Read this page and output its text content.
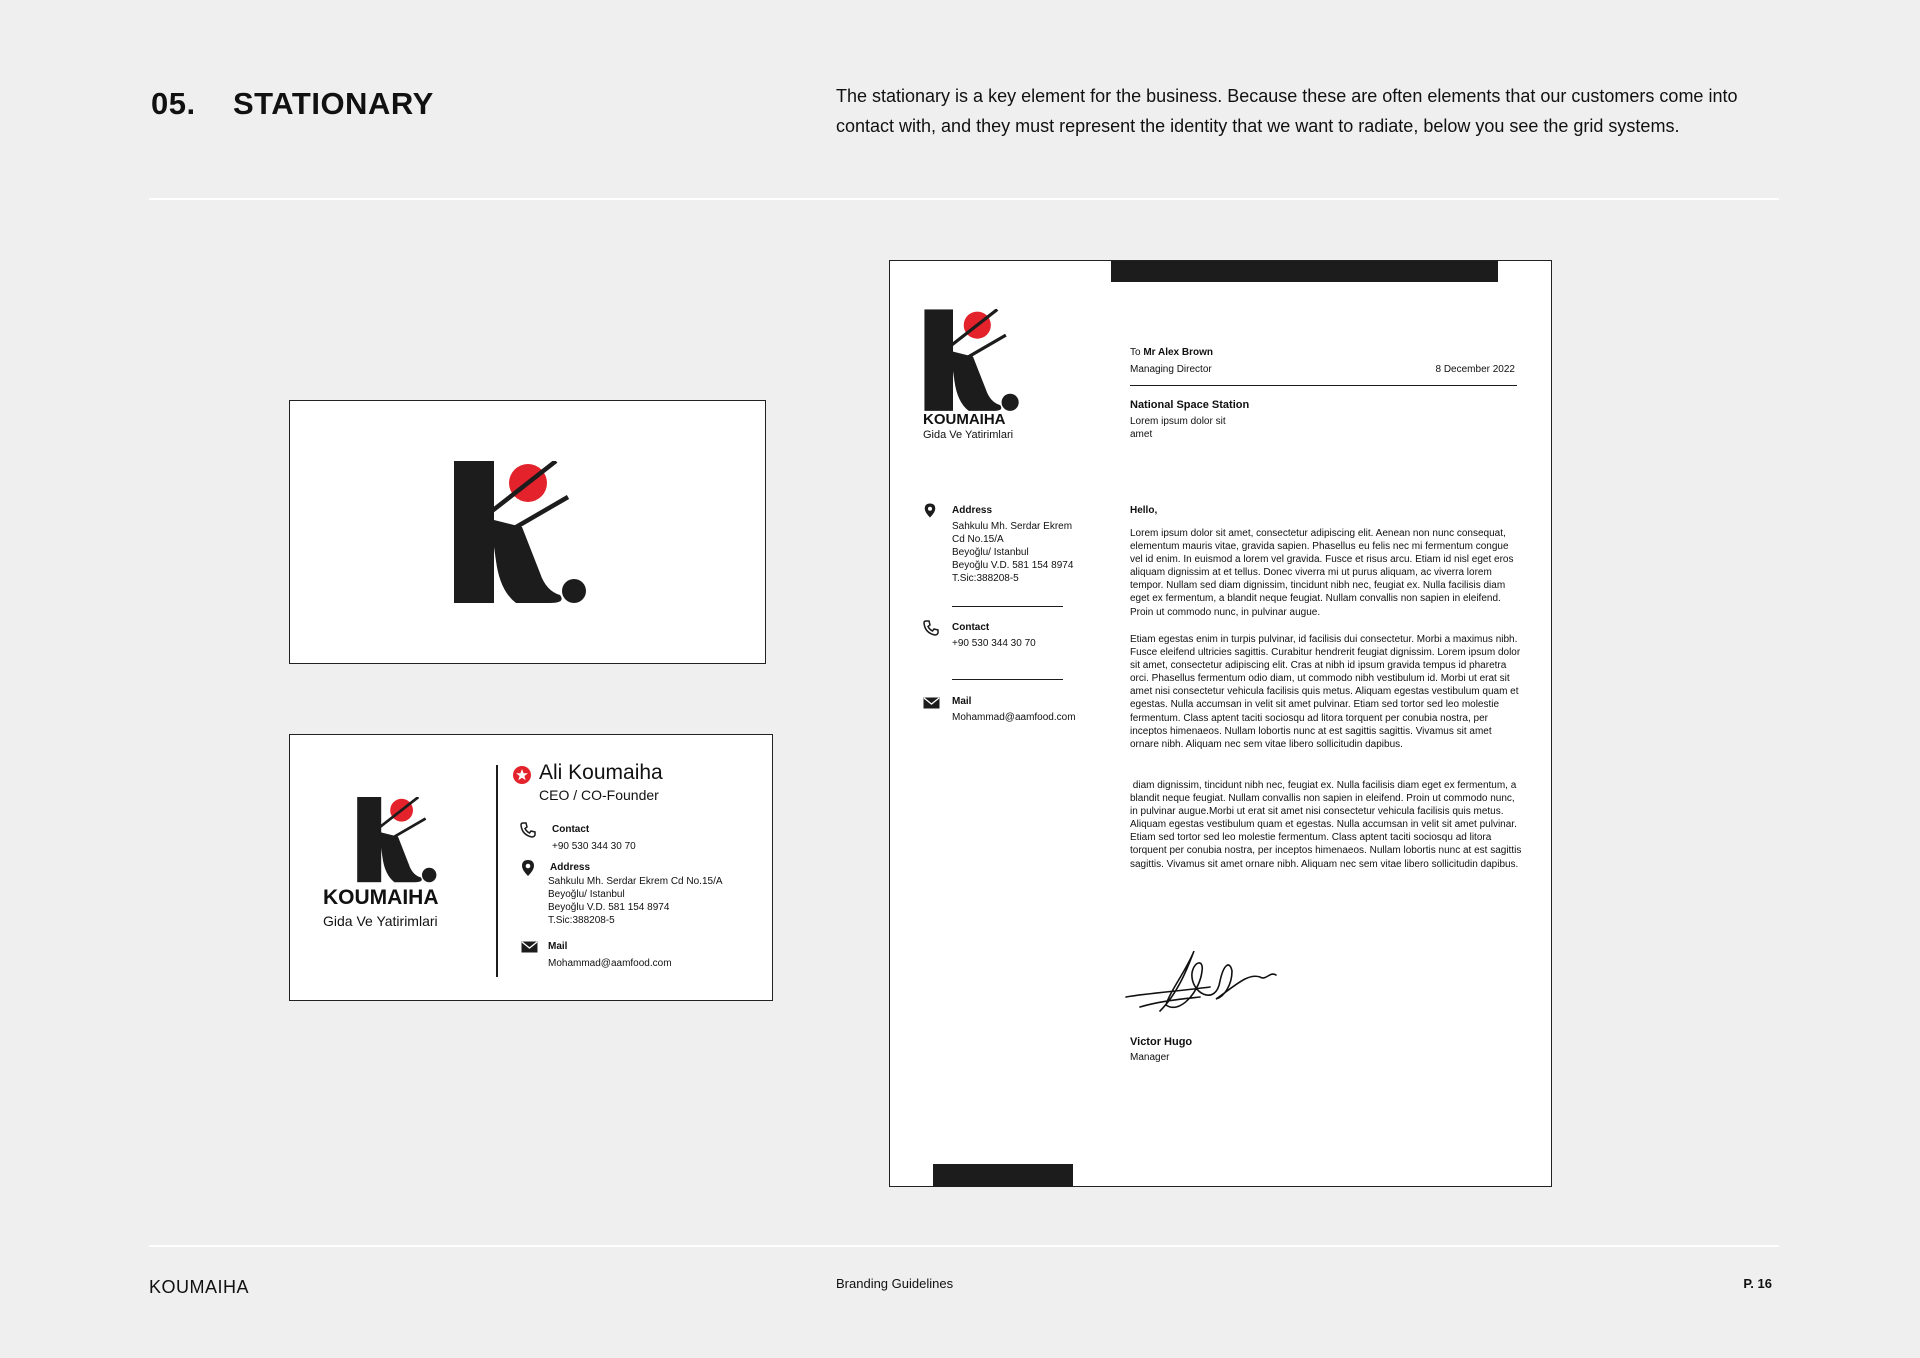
05. STATIONARY	The stationary is a key element for the business. Because these are often elements that our customers come into contact with, and they must represent the identity that we want to radiate, below you see the grid systems.
KOUMAIHA
Gida Ve Yatirimlari
Ali Koumaiha
CEO / CO-Founder
Contact
+90 530 344 30 70
Address
Sahkulu Mh. Serdar Ekrem Cd No.15/A
Beyoğlu/ Istanbul
Beyoğlu V.D. 581 154 8974
T.Sic:388208-5
Mail
Mohammad@aamfood.com
KOUMAIHA
Gida Ve Yatirimlari
To Mr Alex Brown
Managing Director	8 December 2022
National Space Station
Lorem ipsum dolor sit
amet
Address
Sahkulu Mh. Serdar Ekrem
Cd No.15/A
Beyoğlu/ Istanbul
Beyoğlu V.D. 581 154 8974
T.Sic:388208-5
Contact
+90 530 344 30 70
Mail
Mohammad@aamfood.com
Hello,
Lorem ipsum dolor sit amet, consectetur adipiscing elit. Aenean non nunc consequat, elementum mauris vitae, gravida sapien. Phasellus eu felis nec mi fermentum congue vel id enim. In euismod a lorem vel gravida. Fusce et risus arcu. Etiam id nisl eget eros aliquam dignissim at et tellus. Donec viverra mi ut purus aliquam, ac viverra lorem tempor. Nullam sed diam dignissim, tincidunt nibh nec, feugiat ex. Nulla facilisis diam eget ex fermentum, a blandit neque feugiat. Nullam convallis non sapien in eleifend. Proin ut commodo nunc, in pulvinar augue.
Etiam egestas enim in turpis pulvinar, id facilisis dui consectetur. Morbi a maximus nibh. Fusce eleifend ultricies sagittis. Curabitur hendrerit feugiat dignissim. Lorem ipsum dolor sit amet, consectetur adipiscing elit. Cras at nibh id ipsum gravida tempus id pharetra orci. Phasellus fermentum odio diam, ut commodo nibh vestibulum id. Morbi ut erat sit amet nisi consectetur vehicula facilisis quis metus. Aliquam egestas vestibulum quam et egestas. Nulla accumsan in velit sit amet pulvinar. Etiam sed tortor sed leo molestie fermentum. Class aptent taciti sociosqu ad litora torquent per conubia nostra, per inceptos himenaeos. Nullam lobortis nunc at est sagittis sagittis. Vivamus sit amet ornare nibh. Aliquam nec sem vitae libero sollicitudin dapibus.
diam dignissim, tincidunt nibh nec, feugiat ex. Nulla facilisis diam eget ex fermentum, a blandit neque feugiat. Nullam convallis non sapien in eleifend. Proin ut commodo nunc, in pulvinar augue.Morbi ut erat sit amet nisi consectetur vehicula facilisis quis metus. Aliquam egestas vestibulum quam et egestas. Nulla accumsan in velit sit amet pulvinar. Etiam sed tortor sed leo molestie fermentum. Class aptent taciti sociosqu ad litora torquent per conubia nostra, per inceptos himenaeos. Nullam lobortis nunc at est sagittis sagittis. Vivamus sit amet ornare nibh. Aliquam nec sem vitae libero sollicitudin dapibus.
Victor Hugo
Manager
KOUMAIHA	Branding Guidelines	P. 16
